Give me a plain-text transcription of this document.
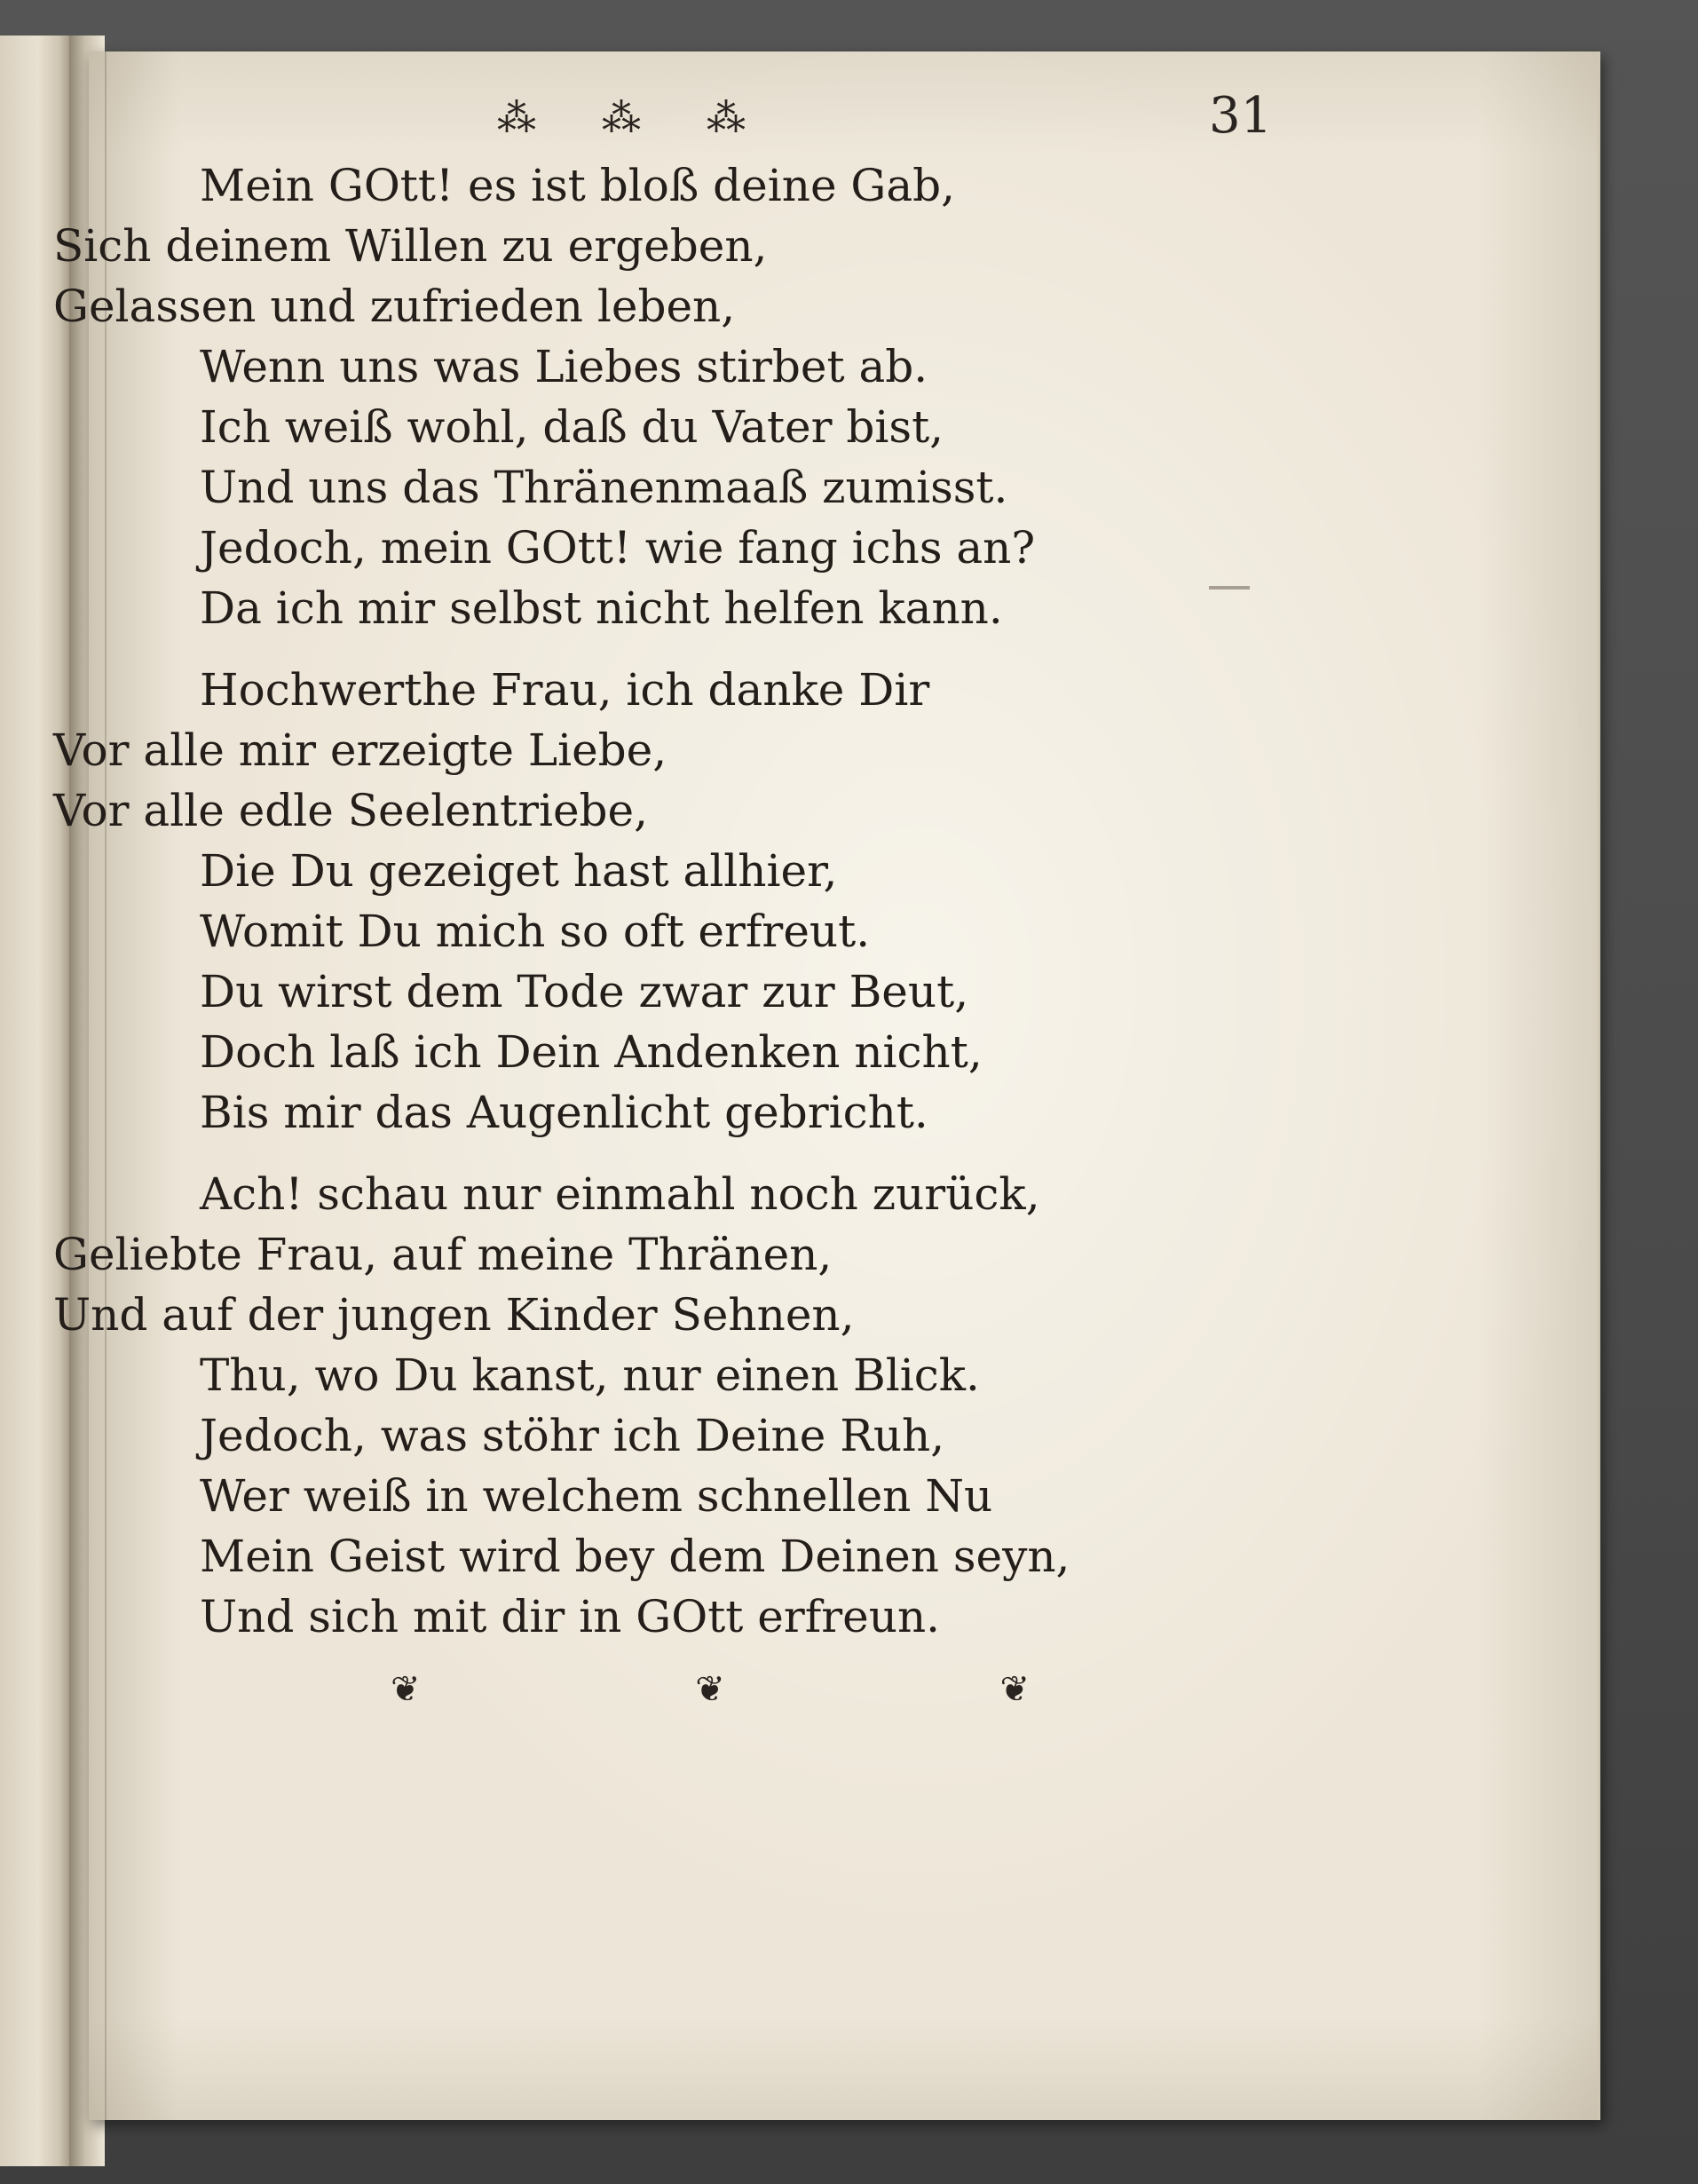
⁂ ⁂ ⁂	31
Mein GOtt! es ist bloß deine Gab,
Sich deinem Willen zu ergeben,
Gelassen und zufrieden leben,
Wenn uns was Liebes stirbet ab.
Ich weiß wohl, daß du Vater bist,
Und uns das Thränenmaaß zumisst.
Jedoch, mein GOtt! wie fang ichs an?
Da ich mir selbst nicht helfen kann.
Hochwerthe Frau, ich danke Dir
Vor alle mir erzeigte Liebe,
Vor alle edle Seelentriebe,
Die Du gezeiget hast allhier,
Womit Du mich so oft erfreut.
Du wirst dem Tode zwar zur Beut,
Doch laß ich Dein Andenken nicht,
Bis mir das Augenlicht gebricht.
Ach! schau nur einmahl noch zurück,
Geliebte Frau, auf meine Thränen,
Und auf der jungen Kinder Sehnen,
Thu, wo Du kanst, nur einen Blick.
Jedoch, was stöhr ich Deine Ruh,
Wer weiß in welchem schnellen Nu
Mein Geist wird bey dem Deinen seyn,
Und sich mit dir in GOtt erfreun.
❦	❦	❦
